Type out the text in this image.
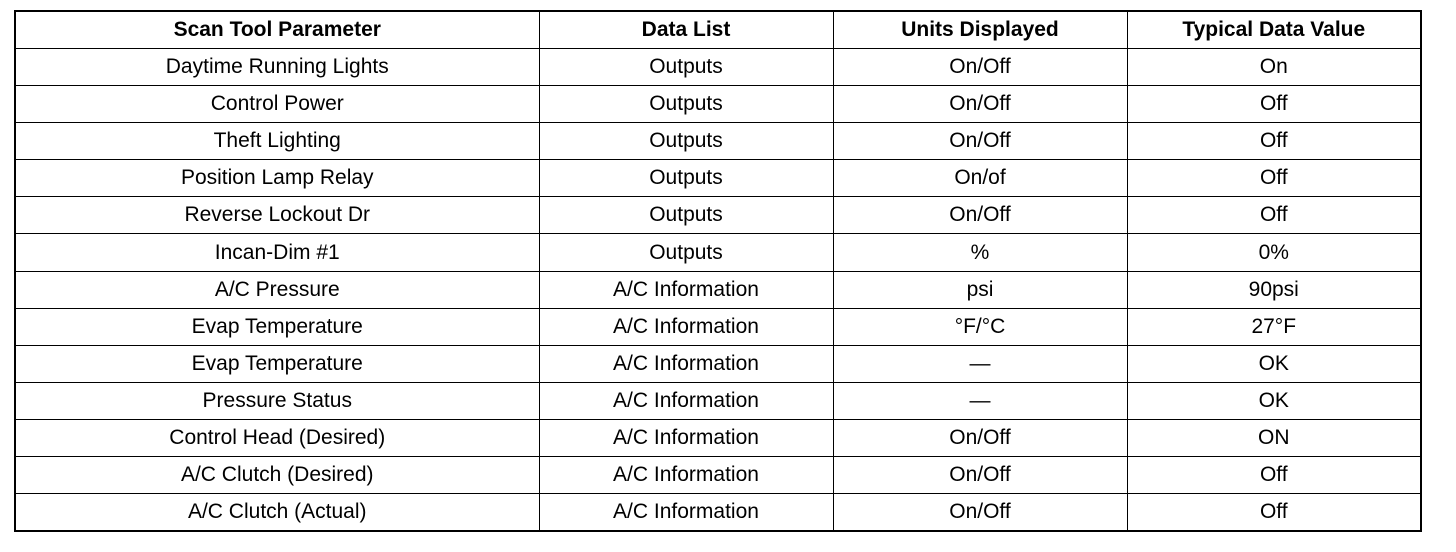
Scan Tool Parameter	Data List	Units Displayed	Typical Data Value
Daytime Running Lights	Outputs	On/Off	On
Control Power	Outputs	On/Off	Off
Theft Lighting	Outputs	On/Off	Off
Position Lamp Relay	Outputs	On/of	Off
Reverse Lockout Dr	Outputs	On/Off	Off
Incan-Dim #1	Outputs	%	0%
A/C Pressure	A/C Information	psi	90psi
Evap Temperature	A/C Information	°F/°C	27°F
Evap Temperature	A/C Information	—	OK
Pressure Status	A/C Information	—	OK
Control Head (Desired)	A/C Information	On/Off	ON
A/C Clutch (Desired)	A/C Information	On/Off	Off
A/C Clutch (Actual)	A/C Information	On/Off	Off
